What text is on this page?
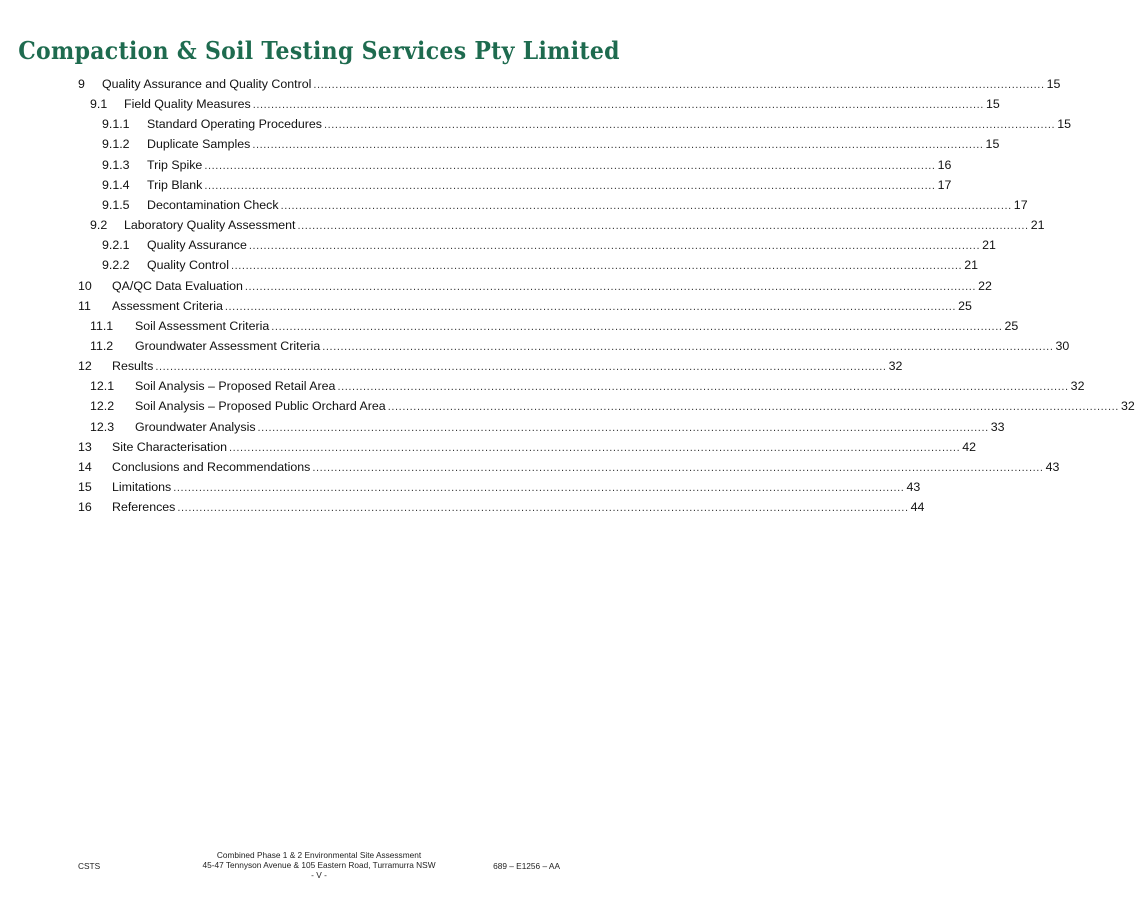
Compaction & Soil Testing Services Pty Limited
9 Quality Assurance and Quality Control ........................................................................................................................................................................................................ 15
9.1 Field Quality Measures ........................................................................................................................................................................................................ 15
9.1.1 Standard Operating Procedures ........................................................................................................................................................................................................ 15
9.1.2 Duplicate Samples ........................................................................................................................................................................................................ 15
9.1.3 Trip Spike ........................................................................................................................................................................................................ 16
9.1.4 Trip Blank ........................................................................................................................................................................................................ 17
9.1.5 Decontamination Check ........................................................................................................................................................................................................ 17
9.2 Laboratory Quality Assessment ........................................................................................................................................................................................................ 21
9.2.1 Quality Assurance ........................................................................................................................................................................................................ 21
9.2.2 Quality Control ........................................................................................................................................................................................................ 21
10 QA/QC Data Evaluation ........................................................................................................................................................................................................ 22
11 Assessment Criteria ........................................................................................................................................................................................................ 25
11.1 Soil Assessment Criteria ........................................................................................................................................................................................................ 25
11.2 Groundwater Assessment Criteria ........................................................................................................................................................................................................ 30
12 Results ........................................................................................................................................................................................................ 32
12.1 Soil Analysis – Proposed Retail Area ........................................................................................................................................................................................................ 32
12.2 Soil Analysis – Proposed Public Orchard Area ........................................................................................................................................................................................................ 32
12.3 Groundwater Analysis ........................................................................................................................................................................................................ 33
13 Site Characterisation ........................................................................................................................................................................................................ 42
14 Conclusions and Recommendations ........................................................................................................................................................................................................ 43
15 Limitations ........................................................................................................................................................................................................ 43
16 References ........................................................................................................................................................................................................ 44
CSTS
Combined Phase 1 & 2 Environmental Site Assessment
45-47 Tennyson Avenue & 105 Eastern Road, Turramurra NSW
- V -
689 – E1256 – AA
